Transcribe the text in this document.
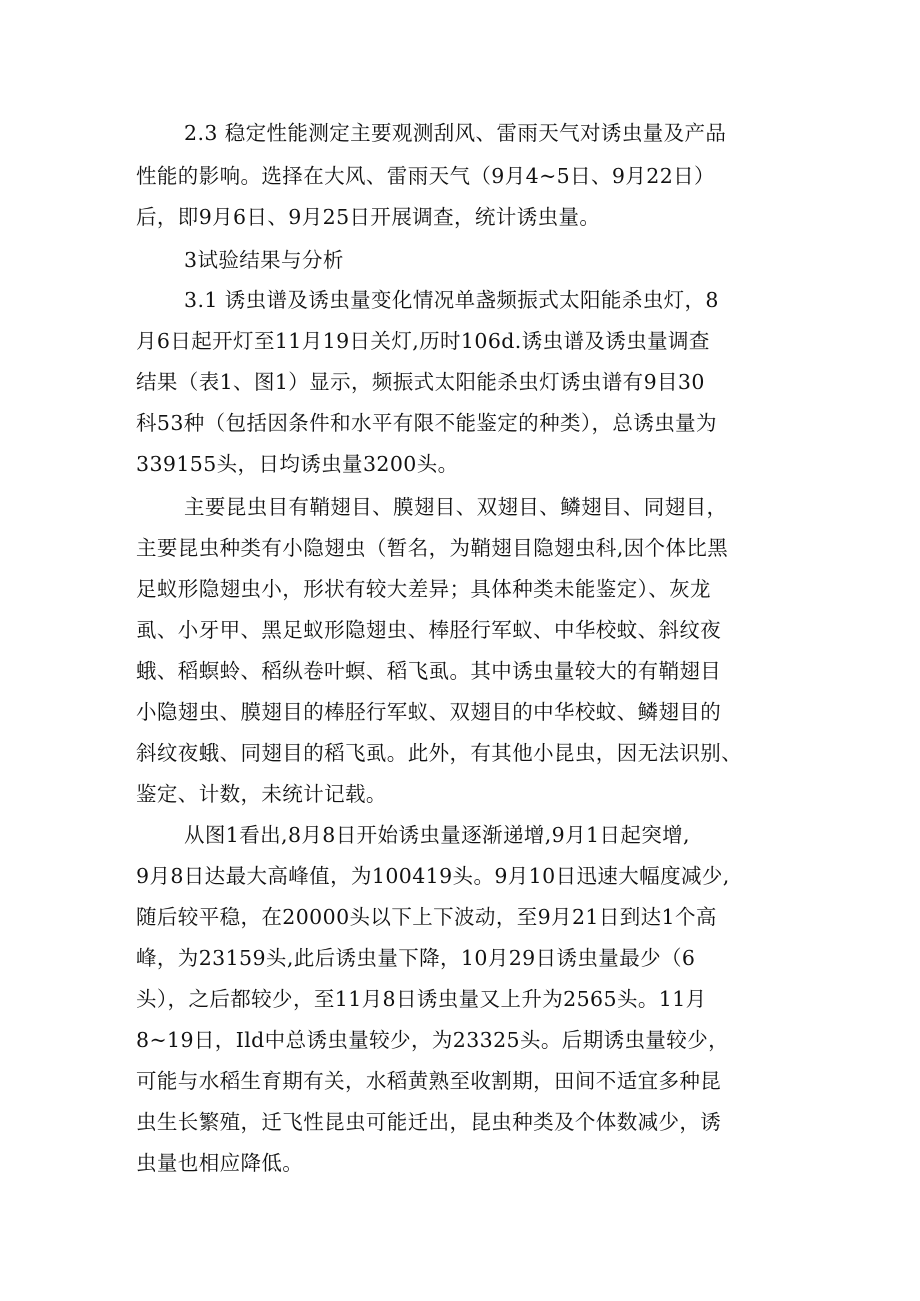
2.3 稳定性能测定主要观测刮风、雷雨天气对诱虫量及产品
性能的影响。选择在大风、雷雨天气（9月4~5日、9月22日）
后，即9月6日、9月25日开展调查，统计诱虫量。
3试验结果与分析
3.1 诱虫谱及诱虫量变化情况单盏频振式太阳能杀虫灯，8
月6日起开灯至11月19日关灯,历时106d.诱虫谱及诱虫量调查
结果（表1、图1）显示，频振式太阳能杀虫灯诱虫谱有9目30
科53种（包括因条件和水平有限不能鉴定的种类），总诱虫量为
339155头，日均诱虫量3200头。
主要昆虫目有鞘翅目、膜翅目、双翅目、鳞翅目、同翅目，
主要昆虫种类有小隐翅虫（暂名，为鞘翅目隐翅虫科,因个体比黑
足蚁形隐翅虫小，形状有较大差异；具体种类未能鉴定）、灰龙
虱、小牙甲、黑足蚁形隐翅虫、棒胫行军蚁、中华校蚊、斜纹夜
蛾、稻螟蛉、稻纵卷叶螟、稻飞虱。其中诱虫量较大的有鞘翅目
小隐翅虫、膜翅目的棒胫行军蚁、双翅目的中华校蚊、鳞翅目的
斜纹夜蛾、同翅目的稻飞虱。此外，有其他小昆虫，因无法识别、
鉴定、计数，未统计记载。
从图1看出,8月8日开始诱虫量逐渐递增,9月1日起突增,
9月8日达最大高峰值，为100419头。9月10日迅速大幅度减少,
随后较平稳，在20000头以下上下波动，至9月21日到达1个高
峰，为23159头,此后诱虫量下降，10月29日诱虫量最少（6
头），之后都较少，至11月8日诱虫量又上升为2565头。11月
8~19日，Ild中总诱虫量较少，为23325头。后期诱虫量较少，
可能与水稻生育期有关，水稻黄熟至收割期，田间不适宜多种昆
虫生长繁殖，迁飞性昆虫可能迁出，昆虫种类及个体数减少，诱
虫量也相应降低。
